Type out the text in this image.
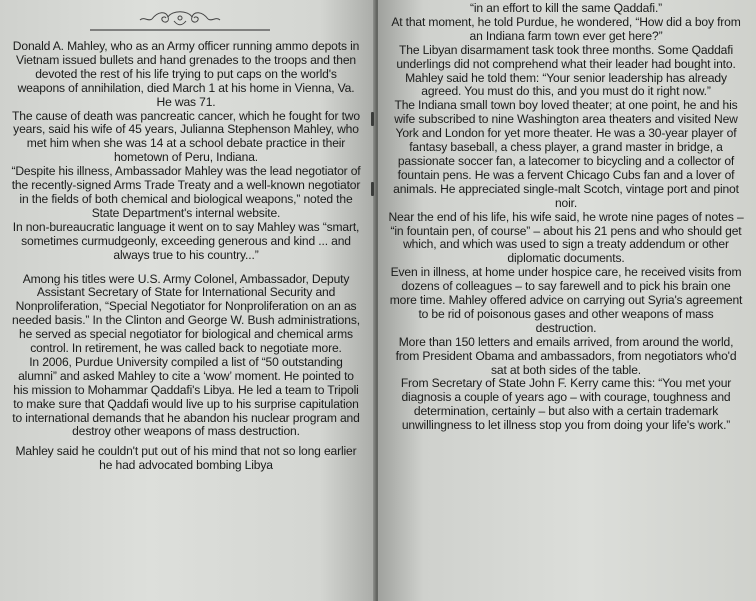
Donald A. Mahley, who as an Army officer running ammo depots in Vietnam issued bullets and hand grenades to the troops and then devoted the rest of his life trying to put caps on the world's weapons of annihilation, died March 1 at his home in Vienna, Va. He was 71.

The cause of death was pancreatic cancer, which he fought for two years, said his wife of 45 years, Julianna Stephenson Mahley, who met him when she was 14 at a school debate practice in their hometown of Peru, Indiana.

“Despite his illness, Ambassador Mahley was the lead negotiator of the recently-signed Arms Trade Treaty and a well-known negotiator in the fields of both chemical and biological weapons,” noted the State Department's internal website.

In non-bureaucratic language it went on to say Mahley was “smart, sometimes curmudgeonly, exceeding generous and kind ... and always true to his country...”

Among his titles were U.S. Army Colonel, Ambassador, Deputy Assistant Secretary of State for International Security and Nonproliferation, “Special Negotiator for Nonproliferation on an as needed basis.” In the Clinton and George W. Bush administrations, he served as special negotiator for biological and chemical arms control. In retirement, he was called back to negotiate more.

In 2006, Purdue University compiled a list of “50 outstanding alumni” and asked Mahley to cite a ‘wow’ moment. He pointed to his mission to Mohammar Qaddafi's Libya. He led a team to Tripoli to make sure that Qaddafi would live up to his surprise capitulation to international demands that he abandon his nuclear program and destroy other weapons of mass destruction.

Mahley said he couldn't put out of his mind that not so long earlier he had advocated bombing Libya

“in an effort to kill the same Qaddafi.”

At that moment, he told Purdue, he wondered, “How did a boy from an Indiana farm town ever get here?”

The Libyan disarmament task took three months. Some Qaddafi underlings did not comprehend what their leader had bought into. Mahley said he told them: “Your senior leadership has already agreed. You must do this, and you must do it right now.”

The Indiana small town boy loved theater; at one point, he and his wife subscribed to nine Washington area theaters and visited New York and London for yet more theater. He was a 30-year player of fantasy baseball, a chess player, a grand master in bridge, a passionate soccer fan, a latecomer to bicycling and a collector of fountain pens. He was a fervent Chicago Cubs fan and a lover of animals. He appreciated single-malt Scotch, vintage port and pinot noir.

Near the end of his life, his wife said, he wrote nine pages of notes – “in fountain pen, of course” – about his 21 pens and who should get which, and which was used to sign a treaty addendum or other diplomatic documents.

Even in illness, at home under hospice care, he received visits from dozens of colleagues – to say farewell and to pick his brain one more time. Mahley offered advice on carrying out Syria's agreement to be rid of poisonous gases and other weapons of mass destruction.

More than 150 letters and emails arrived, from around the world, from President Obama and ambassadors, from negotiators who'd sat at both sides of the table.

From Secretary of State John F. Kerry came this: “You met your diagnosis a couple of years ago – with courage, toughness and determination, certainly – but also with a certain trademark unwillingness to let illness stop you from doing your life's work.”
